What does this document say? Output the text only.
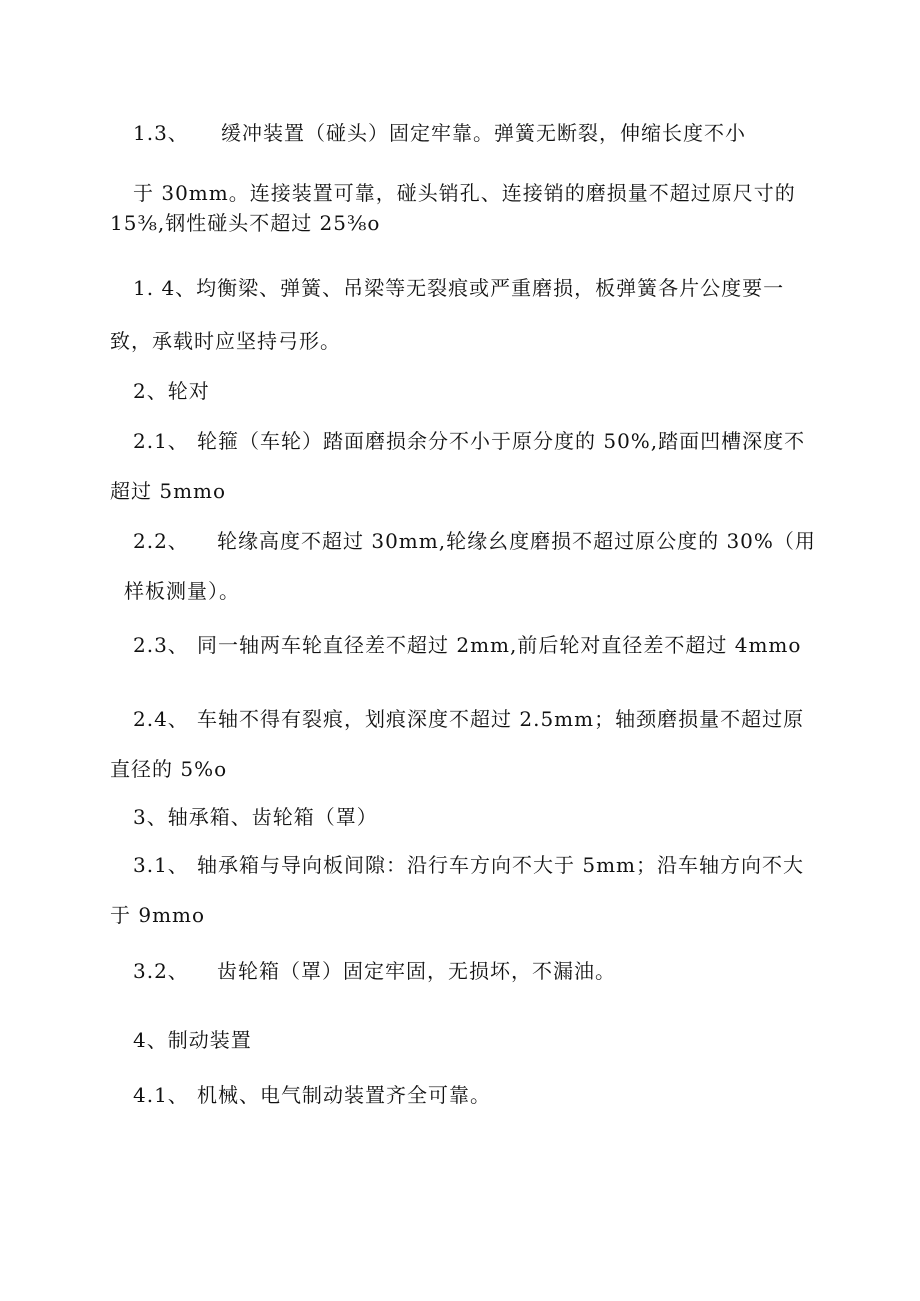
1.3、 缓冲装置（碰头）固定牢靠。弹簧无断裂，伸缩长度不小
于 30mm。连接装置可靠，碰头销孔、连接销的磨损量不超过原尺寸的
15⅜,钢性碰头不超过 25⅜o
1. 4、均衡梁、弹簧、吊梁等无裂痕或严重磨损，板弹簧各片公度要一
致，承载时应坚持弓形。
2、轮对
2.1、 轮箍（车轮）踏面磨损余分不小于原分度的 50%,踏面凹槽深度不
超过 5mmo
2.2、 轮缘高度不超过 30mm,轮缘幺度磨损不超过原公度的 30%（用
样板测量）。
2.3、 同一轴两车轮直径差不超过 2mm,前后轮对直径差不超过 4mmo
2.4、 车轴不得有裂痕，划痕深度不超过 2.5mm；轴颈磨损量不超过原
直径的 5%o
3、轴承箱、齿轮箱（罩）
3.1、 轴承箱与导向板间隙：沿行车方向不大于 5mm；沿车轴方向不大
于 9mmo
3.2、 齿轮箱（罩）固定牢固，无损坏，不漏油。
4、制动装置
4.1、 机械、电气制动装置齐全可靠。
